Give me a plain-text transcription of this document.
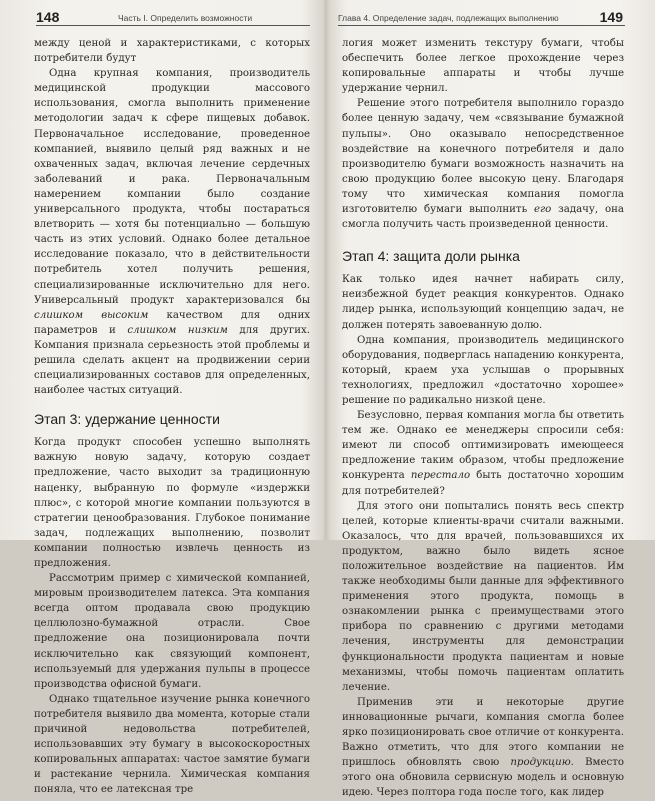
148	Часть I. Определить возможности

между ценой и характеристиками, с которых потребители будут

Одна крупная компания, производитель медицинской продукции массового использования, смогла выполнить применение методологии задач к сфере пищевых добавок. Первоначальное исследование, проведенное компанией, выявило целый ряд важных и не охваченных задач, включая лечение сердечных заболеваний и рака. Первоначальным намерением компании было создание универсального продукта, чтобы постараться влетворить — хотя бы потенциально — большую часть из этих условий. Однако более детальное исследование показало, что в действительности потребитель хотел получить решения, специализированные исключительно для него. Универсальный продукт характеризовался бы слишком высоким качеством для одних параметров и слишком низким для других. Компания признала серьезность этой проблемы и решила сделать акцент на продвижении серии специализированных составов для определенных, наиболее частых ситуаций.

Этап 3: удержание ценности

Когда продукт способен успешно выполнять важную новую задачу, которую создает предложение, часто выходит за традиционную наценку, выбранную по формуле «издержки плюс», с которой многие компании пользуются в стратегии ценообразования. Глубокое понимание задач, подлежащих выполнению, позволит компании полностью извлечь ценность из предложения.

Рассмотрим пример с химической компанией, мировым производителем латекса. Эта компания всегда оптом продавала свою продукцию целлюлозно-бумажной отрасли. Свое предложение она позиционировала почти исключительно как связующий компонент, используемый для удержания пульпы в процессе производства офисной бумаги.

Однако тщательное изучение рынка конечного потребителя выявило два момента, которые стали причиной недовольства потребителей, использовавших эту бумагу в высокоскоростных копировальных аппаратах: частое замятие бумаги и растекание чернила. Химическая компания поняла, что ее латексная тре

Глава 4. Определение задач, подлежащих выполнению	149

логия может изменить текстуру бумаги, чтобы обеспечить более легкое прохождение через копировальные аппараты и чтобы лучше удержание чернил.

Решение этого потребителя выполнило гораздо более ценную задачу, чем «связывание бумажной пульпы». Оно оказывало непосредственное воздействие на конечного потребителя и дало производителю бумаги возможность назначить на свою продукцию более высокую цену. Благодаря тому что химическая компания помогла изготовителю бумаги выполнить его задачу, она смогла получить часть произведенной ценности.

Этап 4: защита доли рынка

Как только идея начнет набирать силу, неизбежной будет реакция конкурентов. Однако лидер рынка, использующий концепцию задач, не должен потерять завоеванную долю.

Одна компания, производитель медицинского оборудования, подверглась нападению конкурента, который, краем уха услышав о прорывных технологиях, предложил «достаточно хорошее» решение по радикально низкой цене.

Безусловно, первая компания могла бы ответить тем же. Однако ее менеджеры спросили себя: имеют ли способ оптимизировать имеющееся предложение таким образом, чтобы предложение конкурента перестало быть достаточно хорошим для потребителей?

Для этого они попытались понять весь спектр целей, которые клиенты-врачи считали важными. Оказалось, что для врачей, пользовавшихся их продуктом, важно было видеть ясное положительное воздействие на пациентов. Им также необходимы были данные для эффективного применения этого продукта, помощь в ознакомлении рынка с преимуществами этого прибора по сравнению с другими методами лечения, инструменты для демонстрации функциональности продукта пациентам и новые механизмы, чтобы помочь пациентам оплатить лечение.

Применив эти и некоторые другие инновационные рычаги, компания смогла более ярко позиционировать свое отличие от конкурента. Важно отметить, что для этого компании не пришлось обновлять свою продукцию. Вместо этого она обновила сервисную модель и основную идею. Через полтора года после того, как лидер
